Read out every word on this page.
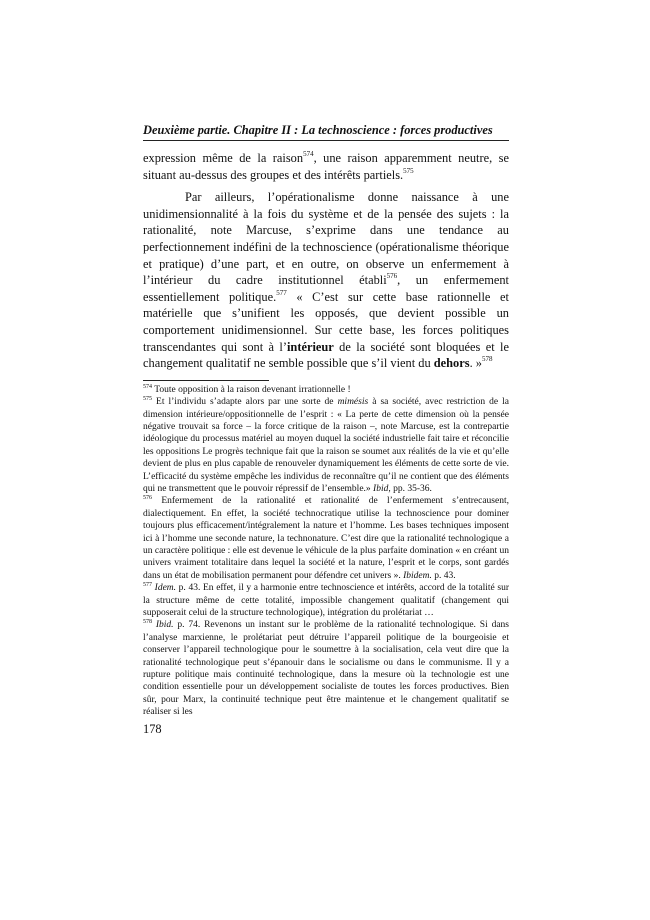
Deuxième partie. Chapitre II : La technoscience : forces productives

expression même de la raison$^{574}$, une raison apparemment neutre, se situant au-dessus des groupes et des intérêts partiels.$^{575}$

Par ailleurs, l’opérationalisme donne naissance à une unidimensionnalité à la fois du système et de la pensée des sujets : la rationalité, note Marcuse, s’exprime dans une tendance au perfectionnement indéfini de la technoscience (opérationalisme théorique et pratique) d’une part, et en outre, on observe un enfermement à l’intérieur du cadre institutionnel établi$^{576}$, un enfermement essentiellement politique.$^{577}$ « C’est sur cette base rationnelle et matérielle que s’unifient les opposés, que devient possible un comportement unidimensionnel. Sur cette base, les forces politiques transcendantes qui sont à l’intérieur de la société sont bloquées et le changement qualitatif ne semble possible que s’il vient du dehors. »$^{578}$

$^{574}$ Toute opposition à la raison devenant irrationnelle !

$^{575}$ Et l’individu s’adapte alors par une sorte de mimésis à sa société, avec restriction de la dimension intérieure/oppositionnelle de l’esprit : « La perte de cette dimension où la pensée négative trouvait sa force – la force critique de la raison –, note Marcuse, est la contrepartie idéologique du processus matériel au moyen duquel la société industrielle fait taire et réconcilie les oppositions Le progrès technique fait que la raison se soumet aux réalités de la vie et qu’elle devient de plus en plus capable de renouveler dynamiquement les éléments de cette sorte de vie. L’efficacité du système empêche les individus de reconnaître qu’il ne contient que des éléments qui ne transmettent que le pouvoir répressif de l’ensemble.» Ibid, pp. 35-36.

$^{576}$ Enfermement de la rationalité et rationalité de l’enfermement s’entrecausent, dialectiquement. En effet, la société technocratique utilise la technoscience pour dominer toujours plus efficacement/intégralement la nature et l’homme. Les bases techniques imposent ici à l’homme une seconde nature, la technonature. C’est dire que la rationalité technologique a un caractère politique : elle est devenue le véhicule de la plus parfaite domination « en créant un univers vraiment totalitaire dans lequel la société et la nature, l’esprit et le corps, sont gardés dans un état de mobilisation permanent pour défendre cet univers ». Ibidem. p. 43.

$^{577}$ Idem. p. 43. En effet, il y a harmonie entre technoscience et intérêts, accord de la totalité sur la structure même de cette totalité, impossible changement qualitatif (changement qui supposerait celui de la structure technologique), intégration du prolétariat …

$^{578}$ Ibid. p. 74. Revenons un instant sur le problème de la rationalité technologique. Si dans l’analyse marxienne, le prolétariat peut détruire l’appareil politique de la bourgeoisie et conserver l’appareil technologique pour le soumettre à la socialisation, cela veut dire que la rationalité technologique peut s’épanouir dans le socialisme ou dans le communisme. Il y a rupture politique mais continuité technologique, dans la mesure où la technologie est une condition essentielle pour un développement socialiste de toutes les forces productives. Bien sûr, pour Marx, la continuité technique peut être maintenue et le changement qualitatif se réaliser si les

178
